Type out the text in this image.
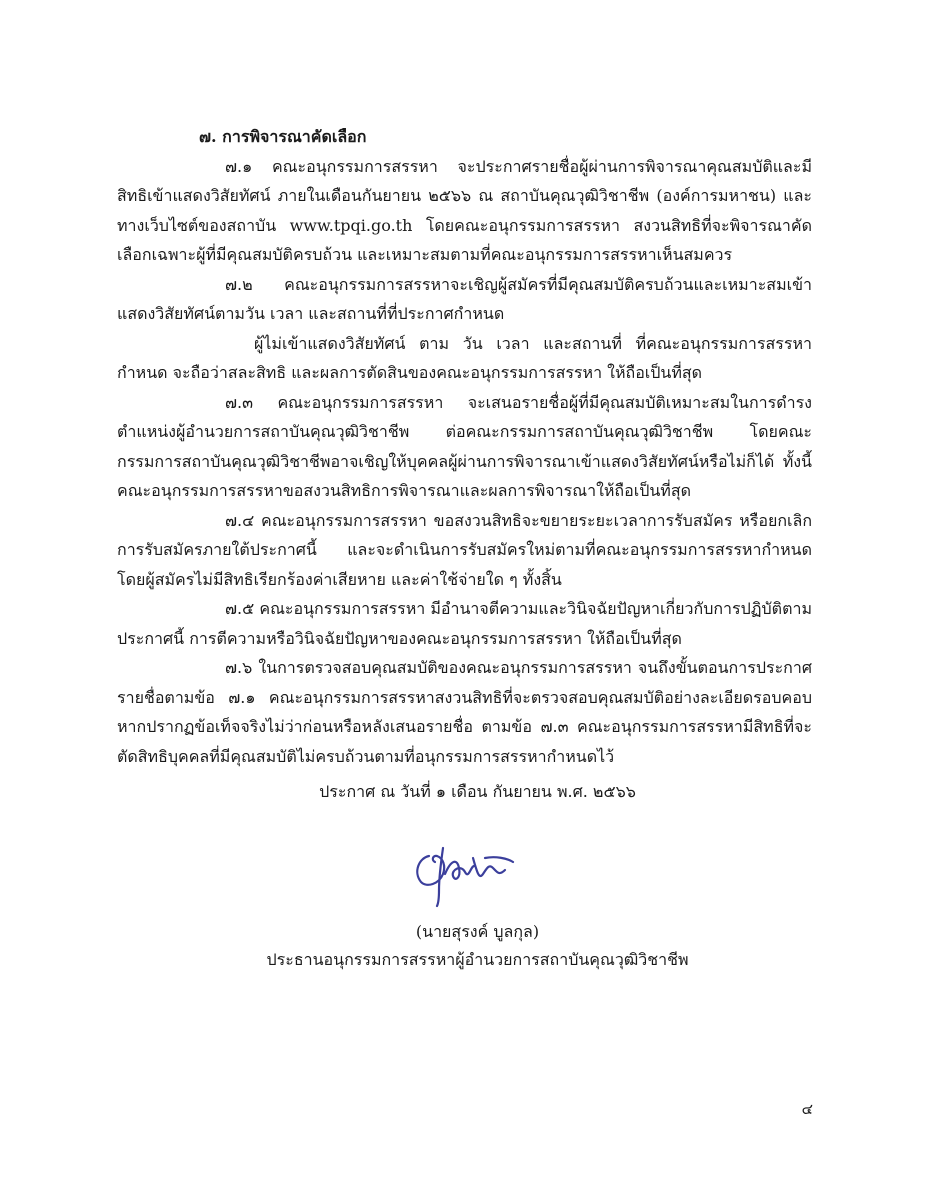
๗. การพิจารณาคัดเลือก

๗.๑ คณะอนุกรรมการสรรหา จะประกาศรายชื่อผู้ผ่านการพิจารณาคุณสมบัติและมีสิทธิเข้าแสดงวิสัยทัศน์ ภายในเดือนกันยายน ๒๕๖๖ ณ สถาบันคุณวุฒิวิชาชีพ (องค์การมหาชน) และทางเว็บไซต์ของสถาบัน www.tpqi.go.th โดยคณะอนุกรรมการสรรหา สงวนสิทธิที่จะพิจารณาคัดเลือกเฉพาะผู้ที่มีคุณสมบัติครบถ้วน และเหมาะสมตามที่คณะอนุกรรมการสรรหาเห็นสมควร

๗.๒ คณะอนุกรรมการสรรหาจะเชิญผู้สมัครที่มีคุณสมบัติครบถ้วนและเหมาะสมเข้าแสดงวิสัยทัศน์ตามวัน เวลา และสถานที่ที่ประกาศกำหนด

ผู้ไม่เข้าแสดงวิสัยทัศน์ ตาม วัน เวลา และสถานที่ ที่คณะอนุกรรมการสรรหากำหนด จะถือว่าสละสิทธิ และผลการตัดสินของคณะอนุกรรมการสรรหา ให้ถือเป็นที่สุด

๗.๓ คณะอนุกรรมการสรรหา จะเสนอรายชื่อผู้ที่มีคุณสมบัติเหมาะสมในการดำรงตำแหน่งผู้อำนวยการสถาบันคุณวุฒิวิชาชีพ ต่อคณะกรรมการสถาบันคุณวุฒิวิชาชีพ โดยคณะกรรมการสถาบันคุณวุฒิวิชาชีพอาจเชิญให้บุคคลผู้ผ่านการพิจารณาเข้าแสดงวิสัยทัศน์หรือไม่ก็ได้ ทั้งนี้ คณะอนุกรรมการสรรหาขอสงวนสิทธิการพิจารณาและผลการพิจารณาให้ถือเป็นที่สุด

๗.๔ คณะอนุกรรมการสรรหา ขอสงวนสิทธิจะขยายระยะเวลาการรับสมัคร หรือยกเลิกการรับสมัครภายใต้ประกาศนี้ และจะดำเนินการรับสมัครใหม่ตามที่คณะอนุกรรมการสรรหากำหนด โดยผู้สมัครไม่มีสิทธิเรียกร้องค่าเสียหาย และค่าใช้จ่ายใด ๆ ทั้งสิ้น

๗.๕ คณะอนุกรรมการสรรหา มีอำนาจตีความและวินิจฉัยปัญหาเกี่ยวกับการปฏิบัติตามประกาศนี้ การตีความหรือวินิจฉัยปัญหาของคณะอนุกรรมการสรรหา ให้ถือเป็นที่สุด

๗.๖ ในการตรวจสอบคุณสมบัติของคณะอนุกรรมการสรรหา จนถึงขั้นตอนการประกาศรายชื่อตามข้อ ๗.๑ คณะอนุกรรมการสรรหาสงวนสิทธิที่จะตรวจสอบคุณสมบัติอย่างละเอียดรอบคอบ หากปรากฏข้อเท็จจริงไม่ว่าก่อนหรือหลังเสนอรายชื่อ ตามข้อ ๗.๓ คณะอนุกรรมการสรรหามีสิทธิที่จะตัดสิทธิบุคคลที่มีคุณสมบัติไม่ครบถ้วนตามที่อนุกรรมการสรรหากำหนดไว้

ประกาศ ณ วันที่ ๑ เดือน กันยายน พ.ศ. ๒๕๖๖

(นายสุรงค์ บูลกุล)

ประธานอนุกรรมการสรรหาผู้อำนวยการสถาบันคุณวุฒิวิชาชีพ

๔
